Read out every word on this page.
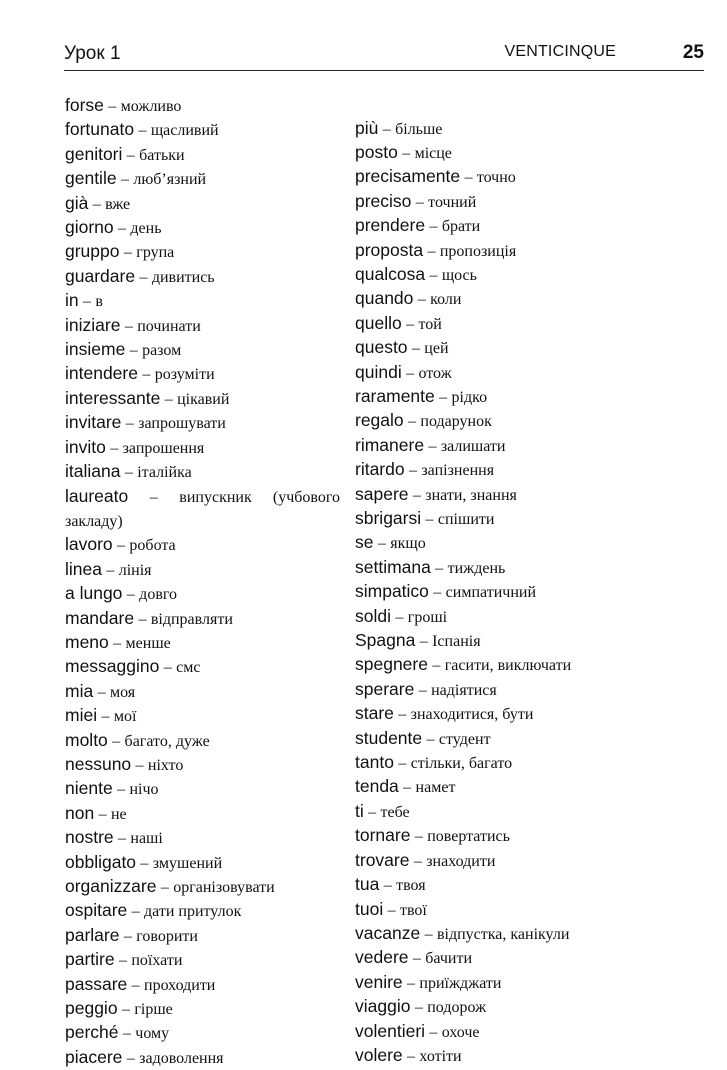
Урок 1	VENTICINQUE	25
forse – можливо
fortunato – щасливий
genitori – батьки
gentile – люб’язний
già – вже
giorno – день
gruppo – група
guardare – дивитись
in – в
iniziare – починати
insieme – разом
intendere – розуміти
interessante – цікавий
invitare – запрошувати
invito – запрошення
italiana – італійка
laureato – випускник (учбового закладу)
lavoro – робота
linea – лінія
a lungo – довго
mandare – відправляти
meno – менше
messaggino – смс
mia – моя
miei – мої
molto – багато, дуже
nessuno – ніхто
niente – нічо
non – не
nostre – наші
obbligato – змушений
organizzare – організовувати
ospitare – дати притулок
parlare – говорити
partire – поїхати
passare – проходити
peggio – гірше
perché – чому
piacere – задоволення
più – більше
posto – місце
precisamente – точно
preciso – точний
prendere – брати
proposta – пропозиція
qualcosa – щось
quando – коли
quello – той
questo – цей
quindi – отож
raramente – рідко
regalo – подарунок
rimanere – залишати
ritardo – запізнення
sapere – знати, знання
sbrigarsi – спішити
se – якщо
settimana – тиждень
simpatico – симпатичний
soldi – гроші
Spagna – Іспанія
spegnere – гасити, виключати
sperare – надіятися
stare – знаходитися, бути
studente – студент
tanto – стільки, багато
tenda – намет
ti – тебе
tornare – повертатись
trovare – знаходити
tua – твоя
tuoi – твої
vacanze – відпустка, канікули
vedere – бачити
venire – приїжджати
viaggio – подорож
volentieri – охоче
volere – хотіти
